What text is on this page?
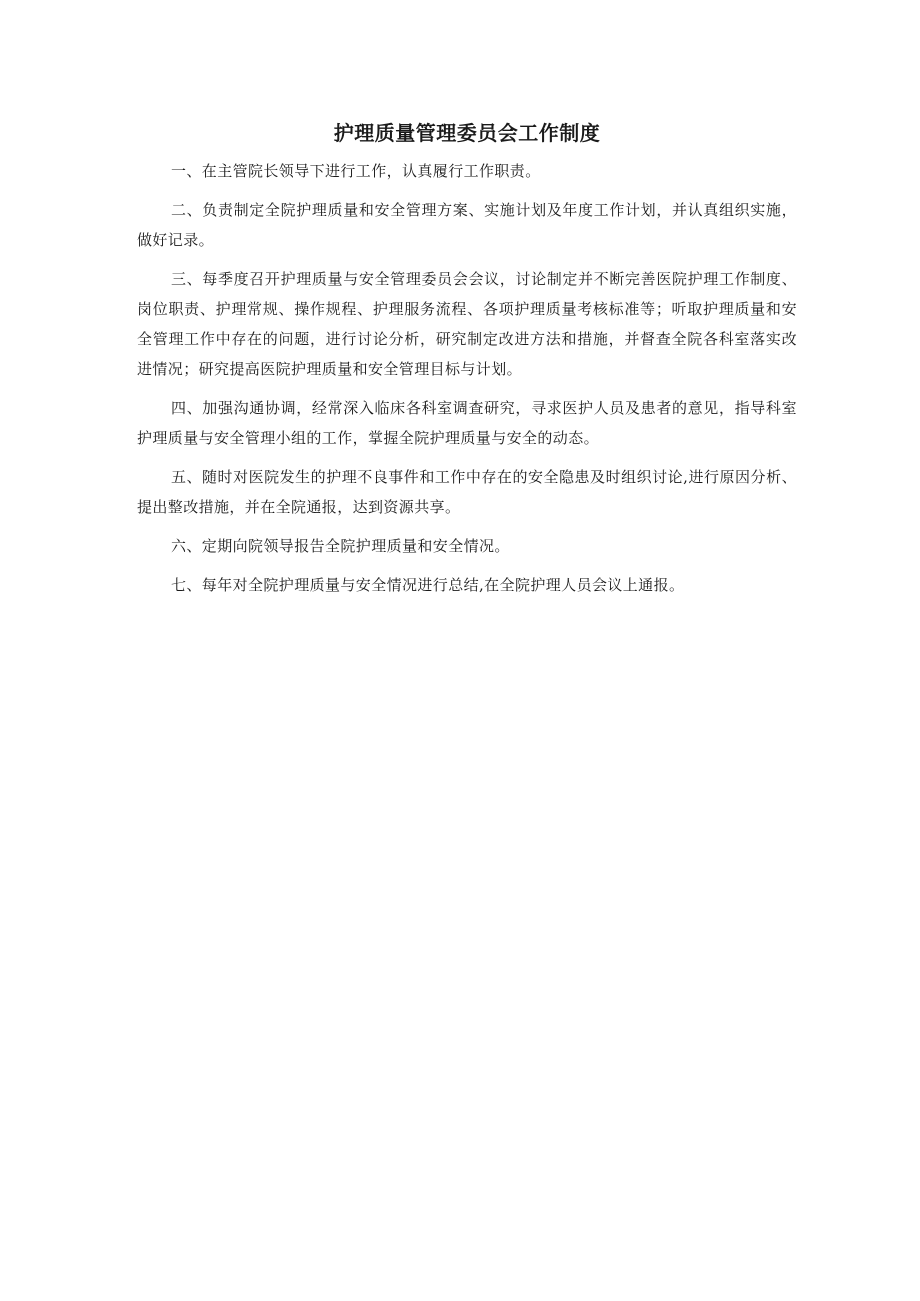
护理质量管理委员会工作制度

一、在主管院长领导下进行工作，认真履行工作职责。

二、负责制定全院护理质量和安全管理方案、实施计划及年度工作计划，并认真组织实施，做好记录。

三、每季度召开护理质量与安全管理委员会会议，讨论制定并不断完善医院护理工作制度、岗位职责、护理常规、操作规程、护理服务流程、各项护理质量考核标准等；听取护理质量和安全管理工作中存在的问题，进行讨论分析，研究制定改进方法和措施，并督查全院各科室落实改进情况；研究提高医院护理质量和安全管理目标与计划。

四、加强沟通协调，经常深入临床各科室调查研究，寻求医护人员及患者的意见，指导科室护理质量与安全管理小组的工作，掌握全院护理质量与安全的动态。

五、随时对医院发生的护理不良事件和工作中存在的安全隐患及时组织讨论,进行原因分析、提出整改措施，并在全院通报，达到资源共享。

六、定期向院领导报告全院护理质量和安全情况。

七、每年对全院护理质量与安全情况进行总结,在全院护理人员会议上通报。
